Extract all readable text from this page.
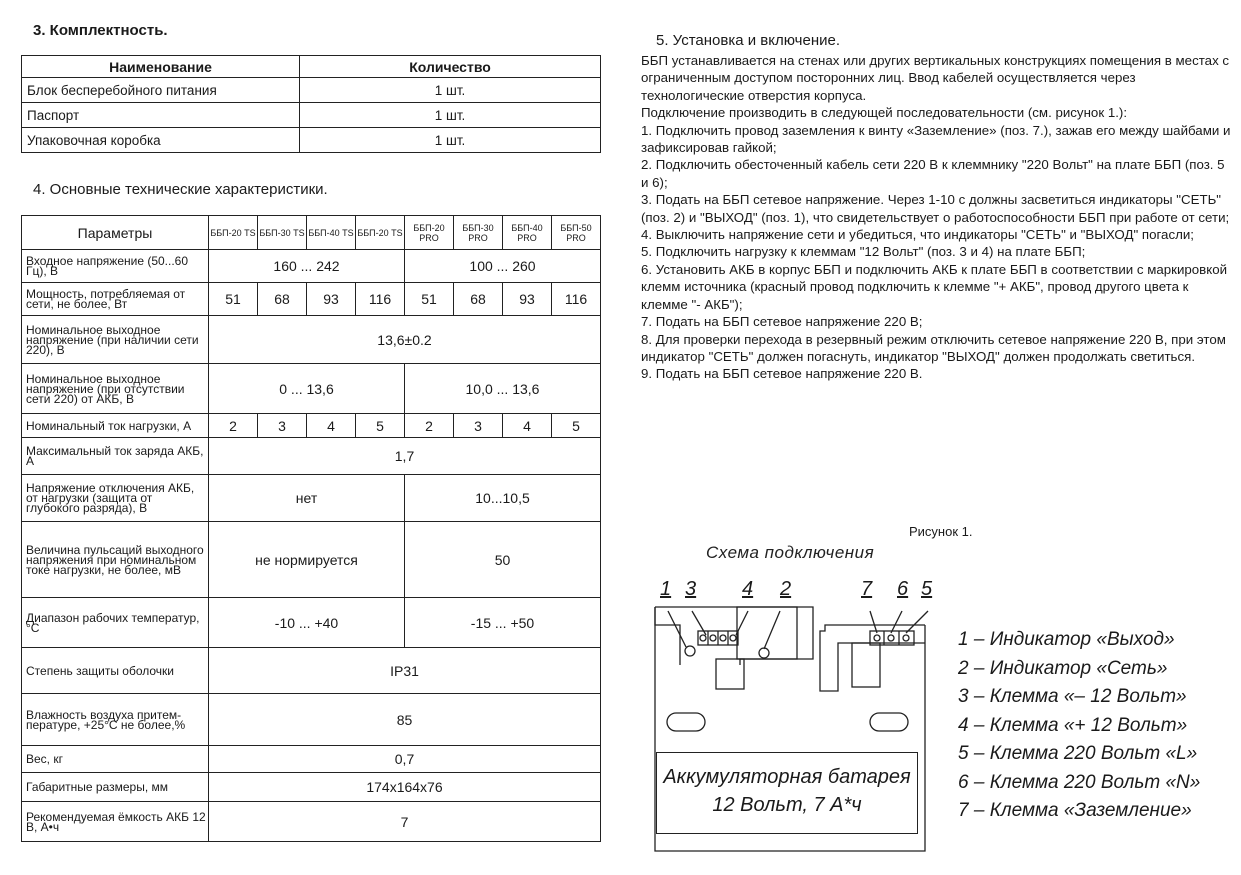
3. Комплектность.
Наименование	Количество
Блок бесперебойного питания	1 шт.
Паспорт	1 шт.
Упаковочная коробка	1 шт.
4. Основные технические характеристики.
Параметры	ББП-20 TS	ББП-30 TS	ББП-40 TS	ББП-20 TS	ББП-20 PRO	ББП-30 PRO	ББП-40 PRO	ББП-50 PRO
Входное напряжение (50...60 Гц), В	160 ... 242				100 ... 260			
Мощность, потребляемая от сети, не более, Вт	51	68	93	116	51	68	93	116
Номинальное выходное напряжение (при наличии сети 220), В	13,6±0.2							
Номинальное выходное напряжение (при отсутствии сети 220) от АКБ, В	0 ... 13,6				10,0 ... 13,6			
Номинальный ток нагрузки, А	2	3	4	5	2	3	4	5
Максимальный ток заряда АКБ, А	1,7							
Напряжение отключения АКБ, от нагрузки (защита от глубокого разряда), В	нет				10...10,5			
Величина пульсаций выходного напряжения при номинальном токе нагрузки, не более, мВ	не нормируется				50			
Диапазон рабочих температур, °С	-10 ... +40				-15 ... +50			
Степень защиты оболочки	IP31							
Влажность воздуха притем-пературе, +25°С не более,%	85							
Вес, кг	0,7							
Габаритные размеры, мм	174х164х76							
Рекомендуемая ёмкость АКБ 12 В, А•ч	7							
5. Установка и включение.
ББП устанавливается на стенах или других вертикальных конструкциях помещения в местах с ограниченным доступом посторонних лиц. Ввод кабелей осуществляется через технологические отверстия корпуса.
Подключение производить в следующей последовательности (см. рисунок 1.):
1. Подключить провод заземления к винту «Заземление» (поз. 7.), зажав его между шайбами и зафиксировав гайкой;
2. Подключить обесточенный кабель сети 220 В к клеммнику "220 Вольт" на плате ББП (поз. 5 и 6);
3. Подать на ББП сетевое напряжение. Через 1-10 с должны засветиться индикаторы "СЕТЬ" (поз. 2) и "ВЫХОД" (поз. 1), что свидетельствует о работоспособности ББП при работе от сети;
4. Выключить напряжение сети и убедиться, что индикаторы "СЕТЬ" и "ВЫХОД" погасли;
5. Подключить нагрузку к клеммам "12 Вольт" (поз. 3 и 4) на плате ББП;
6. Установить АКБ в корпус ББП и подключить АКБ к плате ББП в соответствии с маркировкой клемм источника (красный провод подключить к клемме "+ АКБ", провод другого цвета к клемме "- АКБ");
7. Подать на ББП сетевое напряжение 220 В;
8. Для проверки перехода в резервный режим отключить сетевое напряжение 220 В, при этом индикатор "СЕТЬ" должен погаснуть, индикатор "ВЫХОД" должен продолжать светиться.
9. Подать на ББП сетевое напряжение 220 В.
Рисунок 1.
Схема подключения
1 3 4 2	7 6 5
Аккумуляторная батарея
12 Вольт, 7 А*ч
1 – Индикатор «Выход»
2 – Индикатор «Сеть»
3 – Клемма «– 12 Вольт»
4 – Клемма «+ 12 Вольт»
5 – Клемма 220 Вольт «L»
6 – Клемма 220 Вольт «N»
7 – Клемма «Заземление»
